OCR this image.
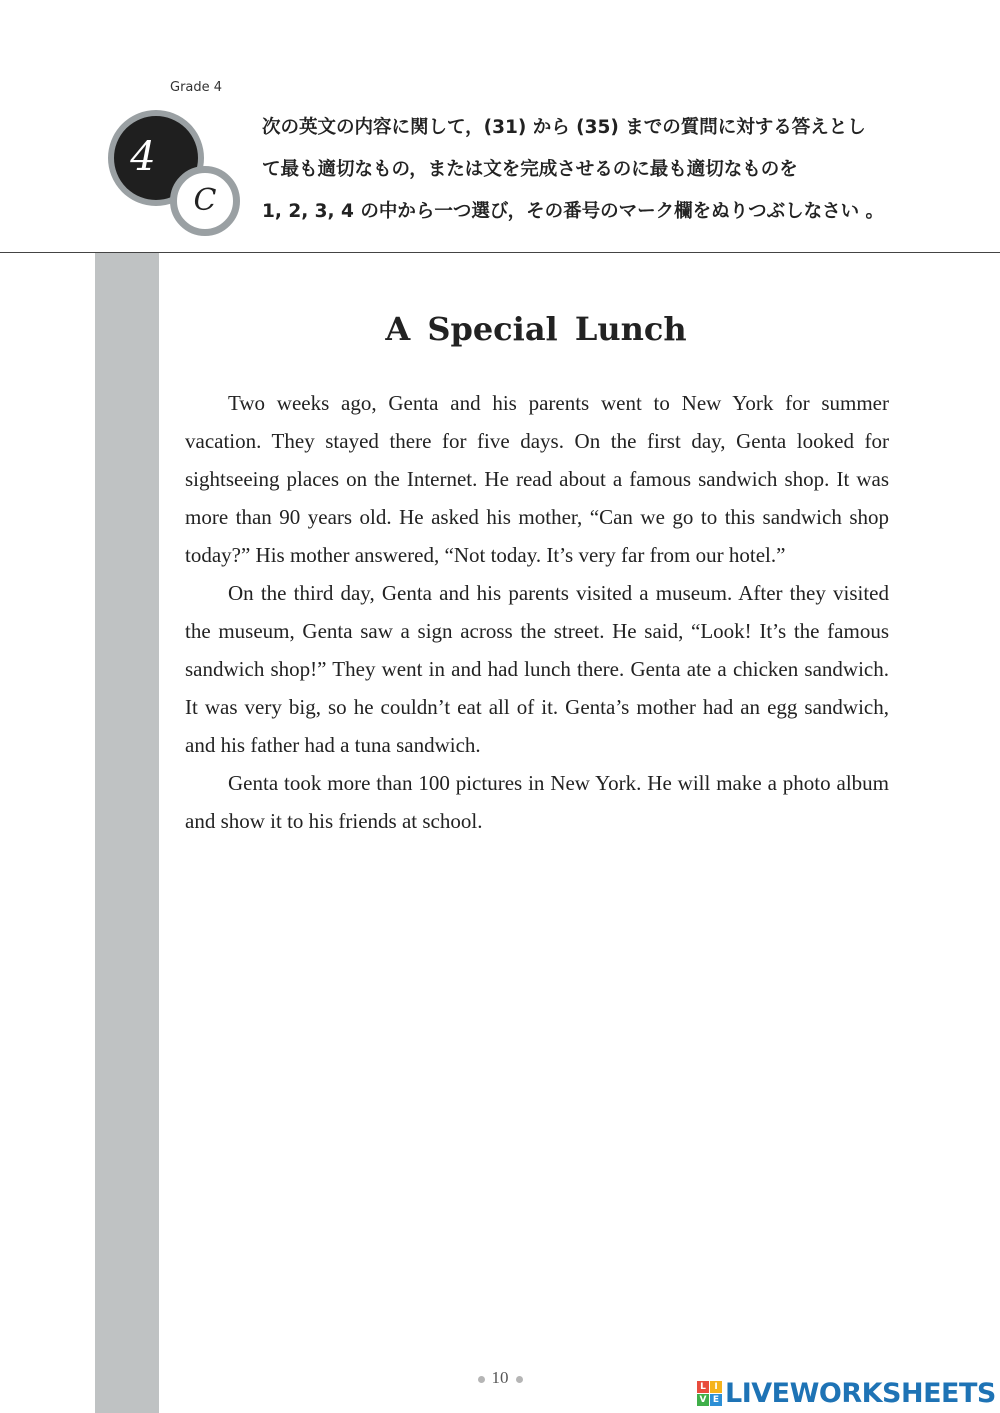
Grade 4
4
C
次の英文の内容に関して，(31) から (35) までの質問に対する答えとし
て最も適切なもの，または文を完成させるのに最も適切なものを
1, 2, 3, 4 の中から一つ選び，その番号のマーク欄をぬりつぶしなさい 。
A Special Lunch

Two weeks ago, Genta and his parents went to New York for summer vacation. They stayed there for five days. On the first day, Genta looked for sightseeing places on the Internet. He read about a famous sandwich shop. It was more than 90 years old. He asked his mother, “Can we go to this sandwich shop today?” His mother answered, “Not today. It’s very far from our hotel.”

On the third day, Genta and his parents visited a museum. After they visited the museum, Genta saw a sign across the street. He said, “Look! It’s the famous sandwich shop!” They went in and had lunch there. Genta ate a chicken sandwich. It was very big, so he couldn’t eat all of it. Genta’s mother had an egg sandwich, and his father had a tuna sandwich.

Genta took more than 100 pictures in New York. He will make a photo album and show it to his friends at school.

10	L I
V E LIVEWORKSHEETS
